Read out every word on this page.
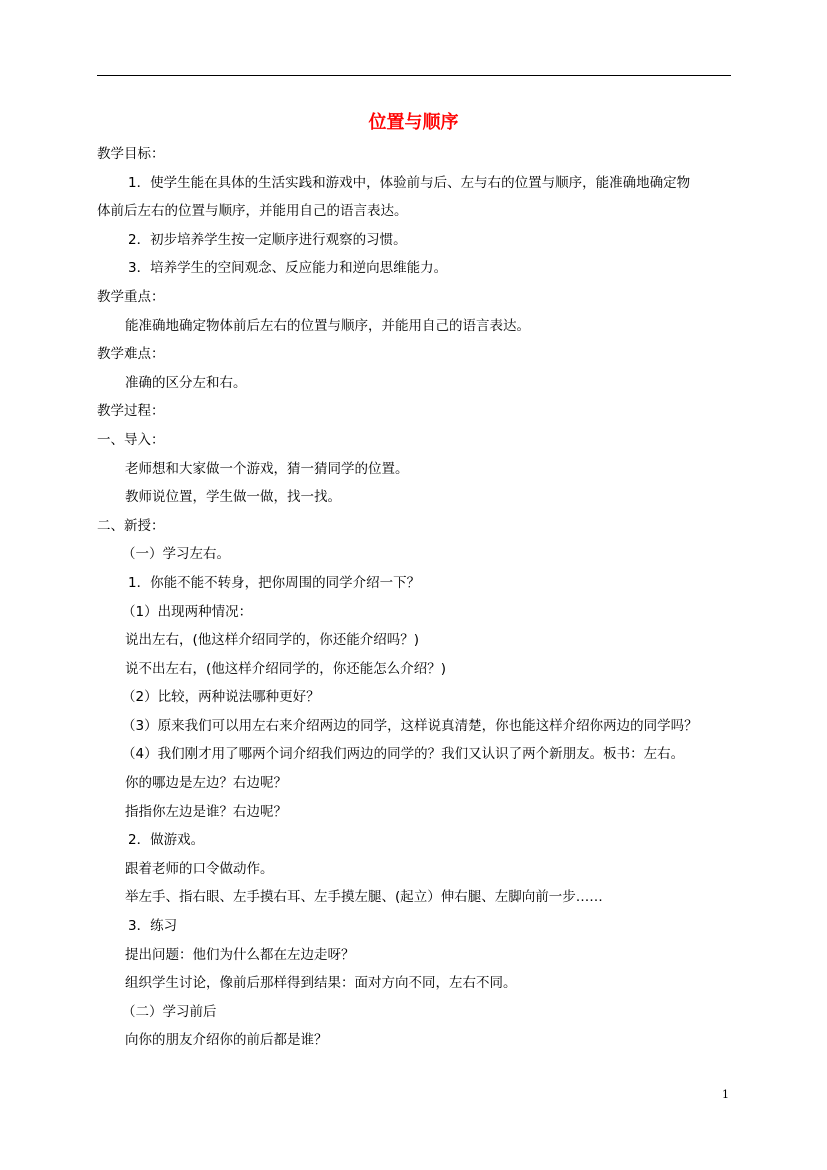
位置与顺序
教学目标：
1．使学生能在具体的生活实践和游戏中，体验前与后、左与右的位置与顺序，能准确地确定物
体前后左右的位置与顺序，并能用自己的语言表达。
2．初步培养学生按一定顺序进行观察的习惯。
3．培养学生的空间观念、反应能力和逆向思维能力。
教学重点：
能准确地确定物体前后左右的位置与顺序，并能用自己的语言表达。
教学难点：
准确的区分左和右。
教学过程：
一、导入：
老师想和大家做一个游戏，猜一猜同学的位置。
教师说位置，学生做一做，找一找。
二、新授：
（一）学习左右。
1．你能不能不转身，把你周围的同学介绍一下？
（1）出现两种情况：
说出左右，(他这样介绍同学的，你还能介绍吗？)
说不出左右，(他这样介绍同学的，你还能怎么介绍？)
（2）比较，两种说法哪种更好？
（3）原来我们可以用左右来介绍两边的同学，这样说真清楚，你也能这样介绍你两边的同学吗？
（4）我们刚才用了哪两个词介绍我们两边的同学的？我们又认识了两个新朋友。板书：左右。
你的哪边是左边？右边呢？
指指你左边是谁？右边呢？
2．做游戏。
跟着老师的口令做动作。
举左手、指右眼、左手摸右耳、左手摸左腿、(起立）伸右腿、左脚向前一步……
3．练习
提出问题：他们为什么都在左边走呀？
组织学生讨论，像前后那样得到结果：面对方向不同，左右不同。
（二）学习前后
向你的朋友介绍你的前后都是谁？
1
